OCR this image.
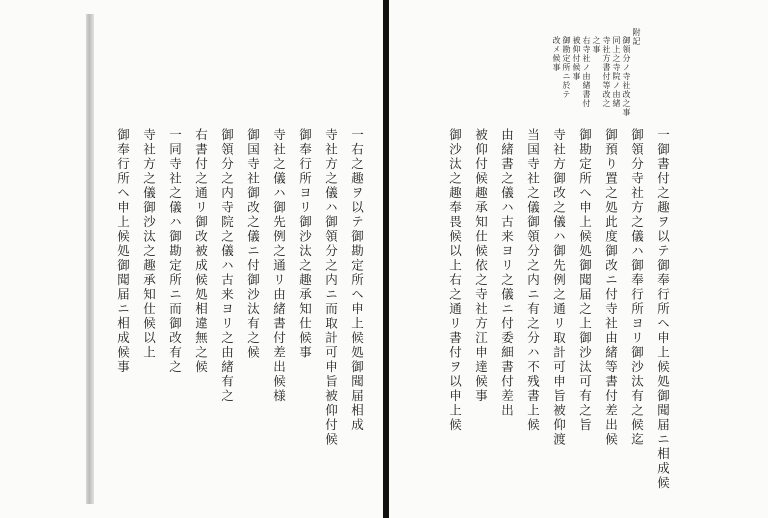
附記
御領分ノ寺社改之事
同上之寺院ノ由緒
寺社方書付等改之
之事
右寺社ノ由緒書付
被仰付候事
御勘定所ニ於テ
改メ候事
一御書付之趣ヲ以テ御奉行所ヘ申上候処御聞届ニ相成候
御領分寺社方之儀ハ御奉行所ヨリ御沙汰有之候迄
御預り置之処此度御改ニ付寺社由緒等書付差出候
御勘定所ヘ申上候処御聞届之上御沙汰可有之旨
寺社方御改之儀ハ御先例之通リ取計可申旨被仰渡
当国寺社之儀御領分之内ニ有之分ハ不残書上候
由緒書之儀ハ古来ヨリ之儀ニ付委細書付差出
被仰付候趣承知仕候依之寺社方江申達候事
御沙汰之趣奉畏候以上右之通リ書付ヲ以申上候
一右之趣ヲ以テ御勘定所ヘ申上候処御聞届相成
寺社方之儀ハ御領分之内ニ而取計可申旨被仰付候
御奉行所ヨリ御沙汰之趣承知仕候事
寺社之儀ハ御先例之通リ由緒書付差出候様
御国寺社御改之儀ニ付御沙汰有之候
御領分之内寺院之儀ハ古来ヨリ之由緒有之
右書付之通リ御改被成候処相違無之候
一同寺社之儀ハ御勘定所ニ而御改有之
寺社方之儀御沙汰之趣承知仕候以上
御奉行所ヘ申上候処御聞届ニ相成候事
